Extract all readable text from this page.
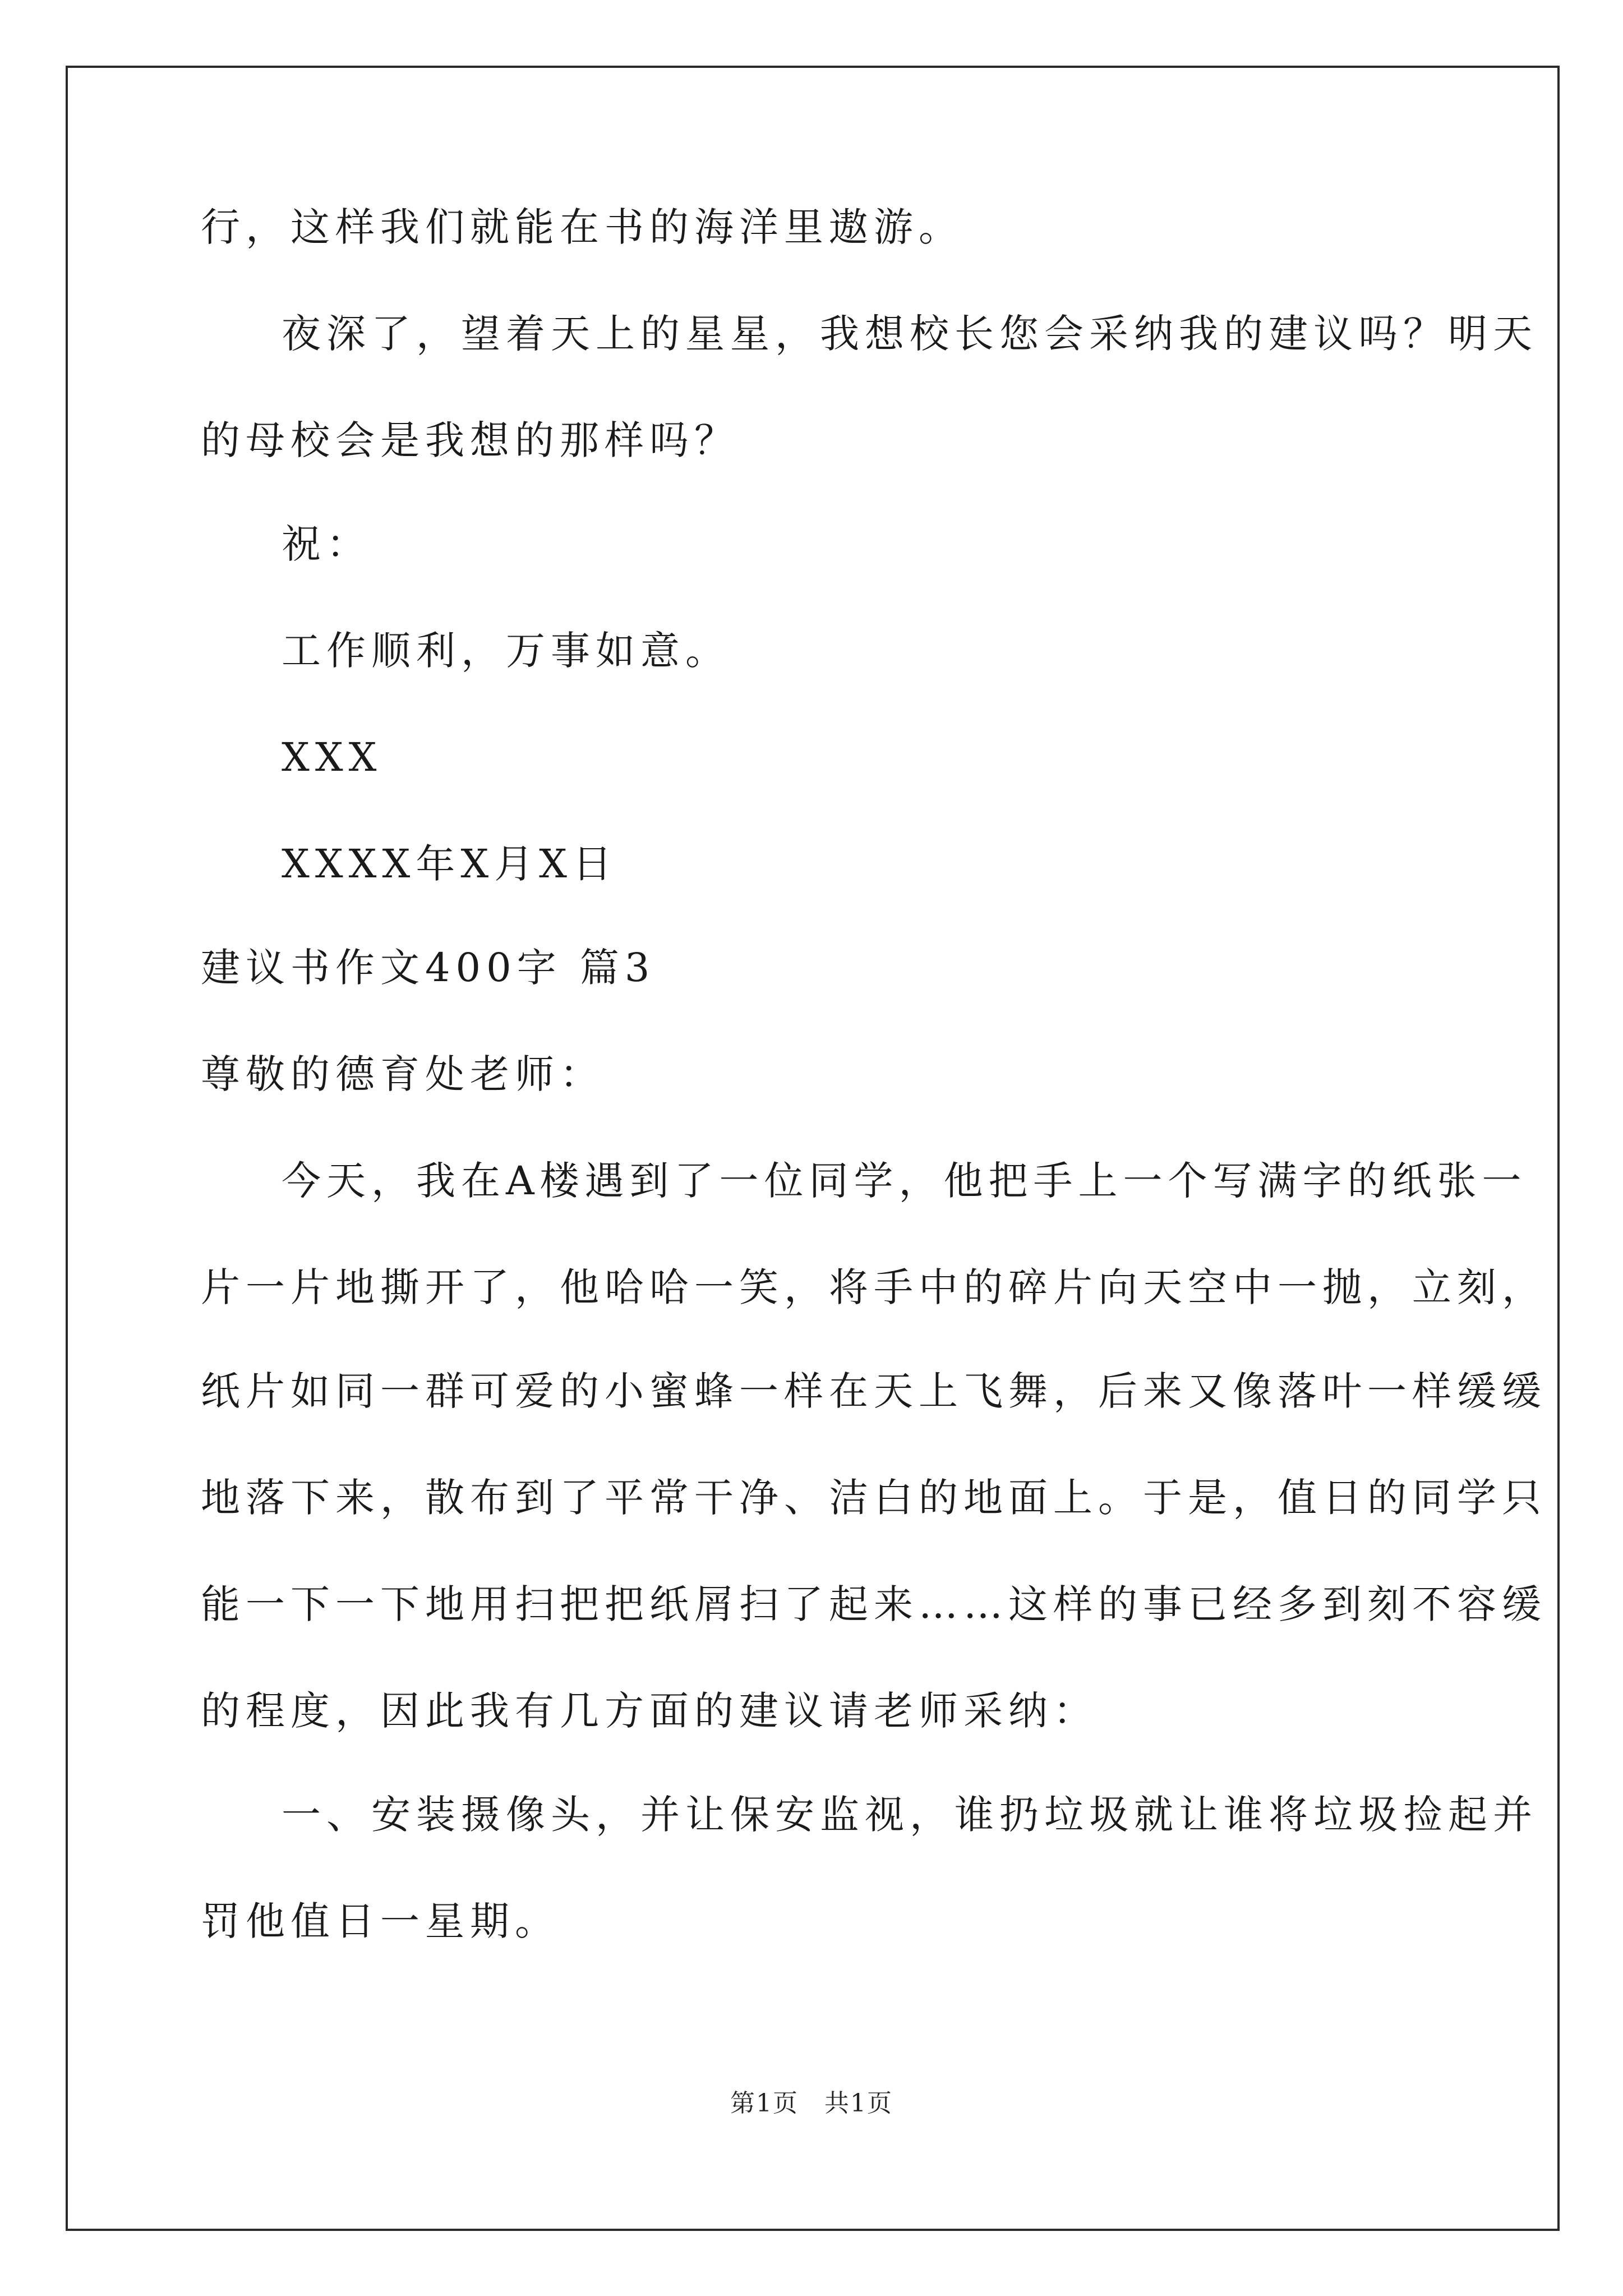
行，这样我们就能在书的海洋里遨游。
夜深了，望着天上的星星，我想校长您会采纳我的建议吗？明天
的母校会是我想的那样吗？
祝：
工作顺利，万事如意。
XXX
XXXX年X月X日
建议书作文400字 篇3
尊敬的德育处老师：
今天，我在A楼遇到了一位同学，他把手上一个写满字的纸张一
片一片地撕开了，他哈哈一笑，将手中的碎片向天空中一抛，立刻，
纸片如同一群可爱的小蜜蜂一样在天上飞舞，后来又像落叶一样缓缓
地落下来，散布到了平常干净、洁白的地面上。于是，值日的同学只
能一下一下地用扫把把纸屑扫了起来……这样的事已经多到刻不容缓
的程度，因此我有几方面的建议请老师采纳：
一、安装摄像头，并让保安监视，谁扔垃圾就让谁将垃圾捡起并
罚他值日一星期。
第1页　共1页
